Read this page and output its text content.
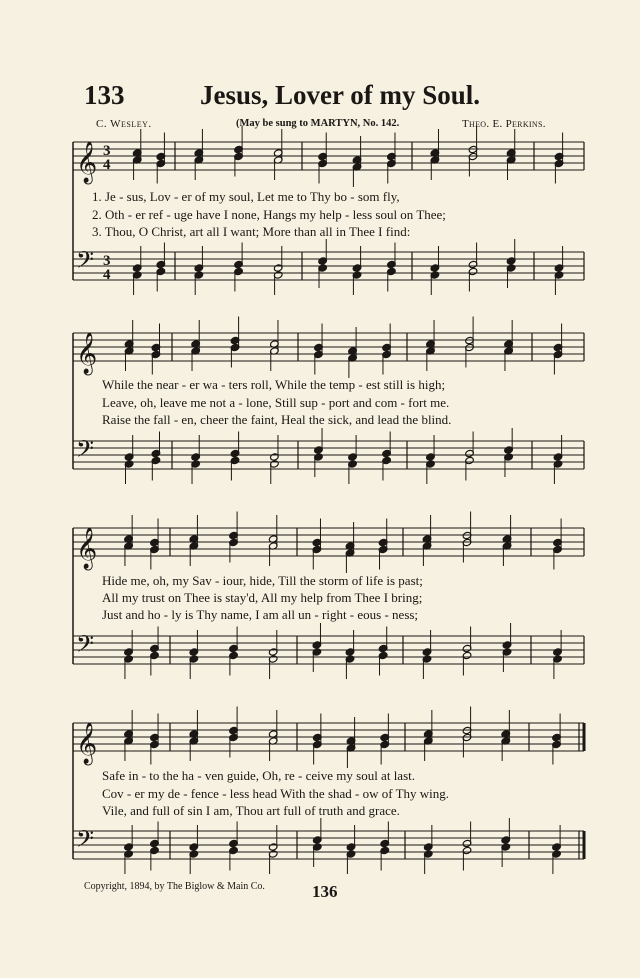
133	Jesus, Lover of my Soul.
C. Wesley.	(May be sung to MARTYN, No. 142.	Theo. E. Perkins.
𝄞 3
4
𝄢 3
4
𝄞
𝄢
𝄞
𝄢
𝄞
𝄢
1. Je - sus, Lov - er of my soul, Let me to Thy bo - som fly,
2. Oth - er ref - uge have I none, Hangs my help - less soul on Thee;
3. Thou, O Christ, art all I want; More than all in Thee I find:
While the near - er wa - ters roll, While the temp - est still is high;
Leave, oh, leave me not a - lone, Still sup - port and com - fort me.
Raise the fall - en, cheer the faint, Heal the sick, and lead the blind.
Hide me, oh, my Sav - iour, hide, Till the storm of life is past;
All my trust on Thee is stay'd, All my help from Thee I bring;
Just and ho - ly is Thy name, I am all un - right - eous - ness;
Safe in - to the ha - ven guide, Oh, re - ceive my soul at last.
Cov - er my de - fence - less head With the shad - ow of Thy wing.
Vile, and full of sin I am, Thou art full of truth and grace.
Copyright, 1894, by The Biglow & Main Co.	136
